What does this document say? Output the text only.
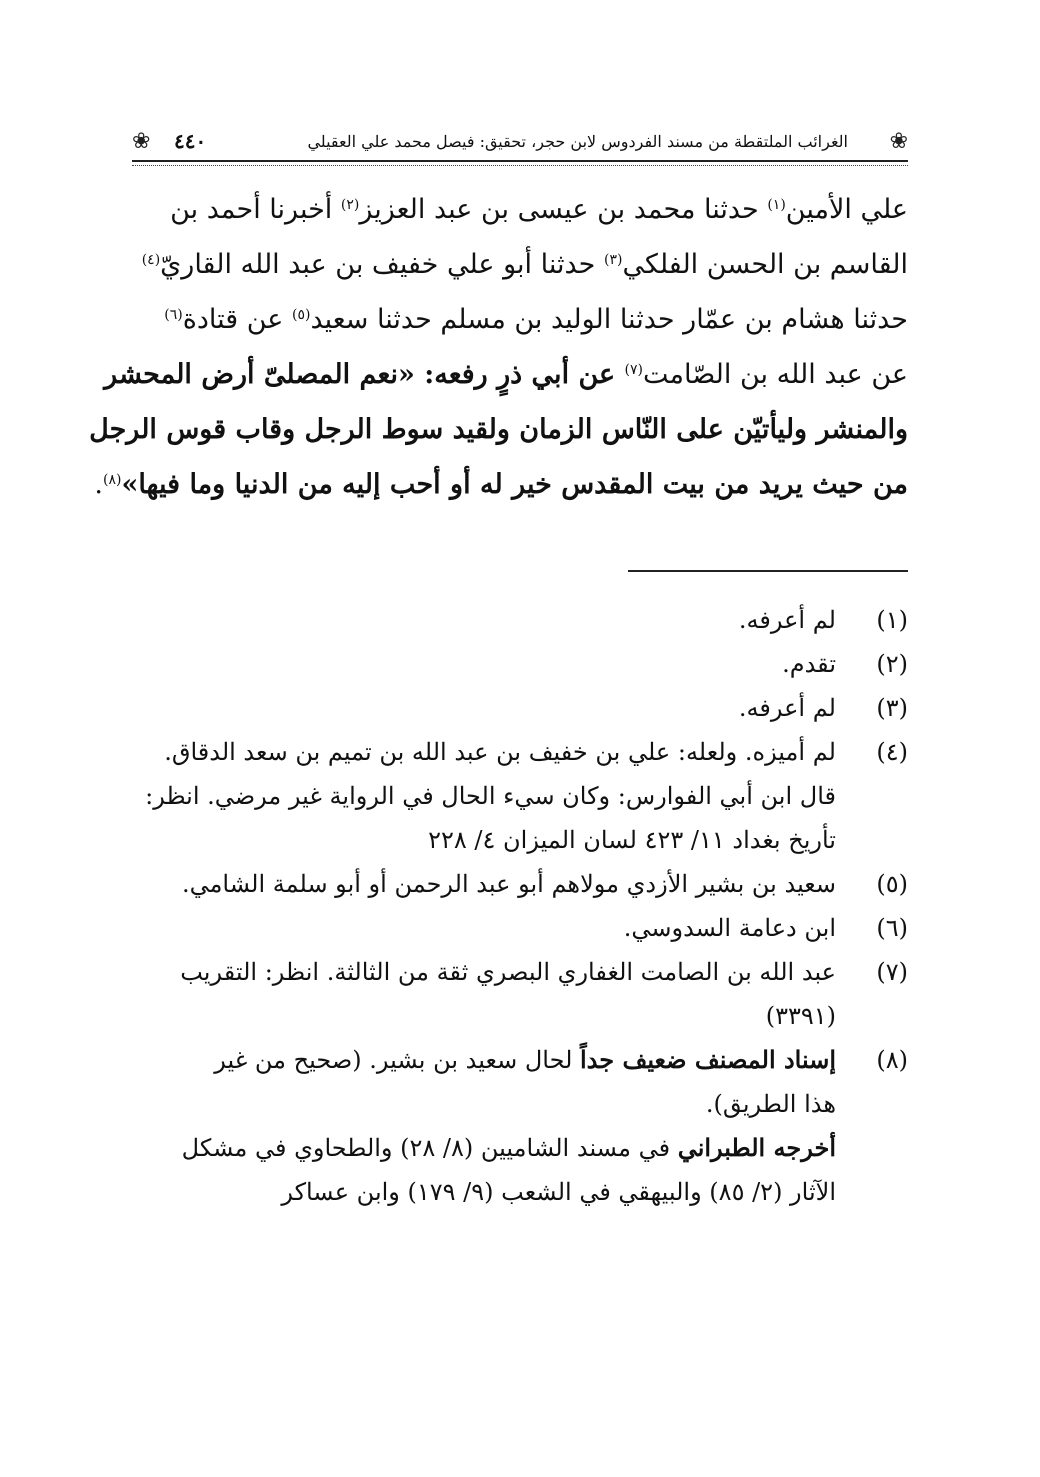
❀
الغرائب الملتقطة من مسند الفردوس لابن حجر، تحقيق: فيصل محمد علي العقيلي
٤٤٠
❀
علي الأمين$^{(١)}$ حدثنا محمد بن عيسى بن عبد العزيز$^{(٢)}$ أخبرنا أحمد بن
القاسم بن الحسن الفلكي$^{(٣)}$ حدثنا أبو علي خفيف بن عبد الله القاريّ$^{(٤)}$
حدثنا هشام بن عمّار حدثنا الوليد بن مسلم حدثنا سعيد$^{(٥)}$ عن قتادة$^{(٦)}$
عن عبد الله بن الصّامت$^{(٧)}$ عن أبي ذرٍ رفعه: «نعم المصلىّ أرض المحشر
والمنشر وليأتيّن على النّاس الزمان ولقيد سوط الرجل وقاب قوس الرجل
من حيث يريد من بيت المقدس خير له أو أحب إليه من الدنيا وما فيها»$^{(٨)}$.
(١)
لم أعرفه.
(٢)
تقدم.
(٣)
لم أعرفه.
(٤)
لم أميزه. ولعله: علي بن خفيف بن عبد الله بن تميم بن سعد الدقاق.
قال ابن أبي الفوارس: وكان سيء الحال في الرواية غير مرضي. انظر:
تأريخ بغداد ١١/ ٤٢٣ لسان الميزان ٤/ ٢٢٨
(٥)
سعيد بن بشير الأزدي مولاهم أبو عبد الرحمن أو أبو سلمة الشامي.
(٦)
ابن دعامة السدوسي.
(٧)
عبد الله بن الصامت الغفاري البصري ثقة من الثالثة. انظر: التقريب
(٣٣٩١)
(٨)
إسناد المصنف ضعيف جداً لحال سعيد بن بشير. (صحيح من غير
هذا الطريق).
أخرجه الطبراني في مسند الشاميين (٨/ ٢٨) والطحاوي في مشكل
الآثار (٢/ ٨٥) والبيهقي في الشعب (٩/ ١٧٩) وابن عساكر
